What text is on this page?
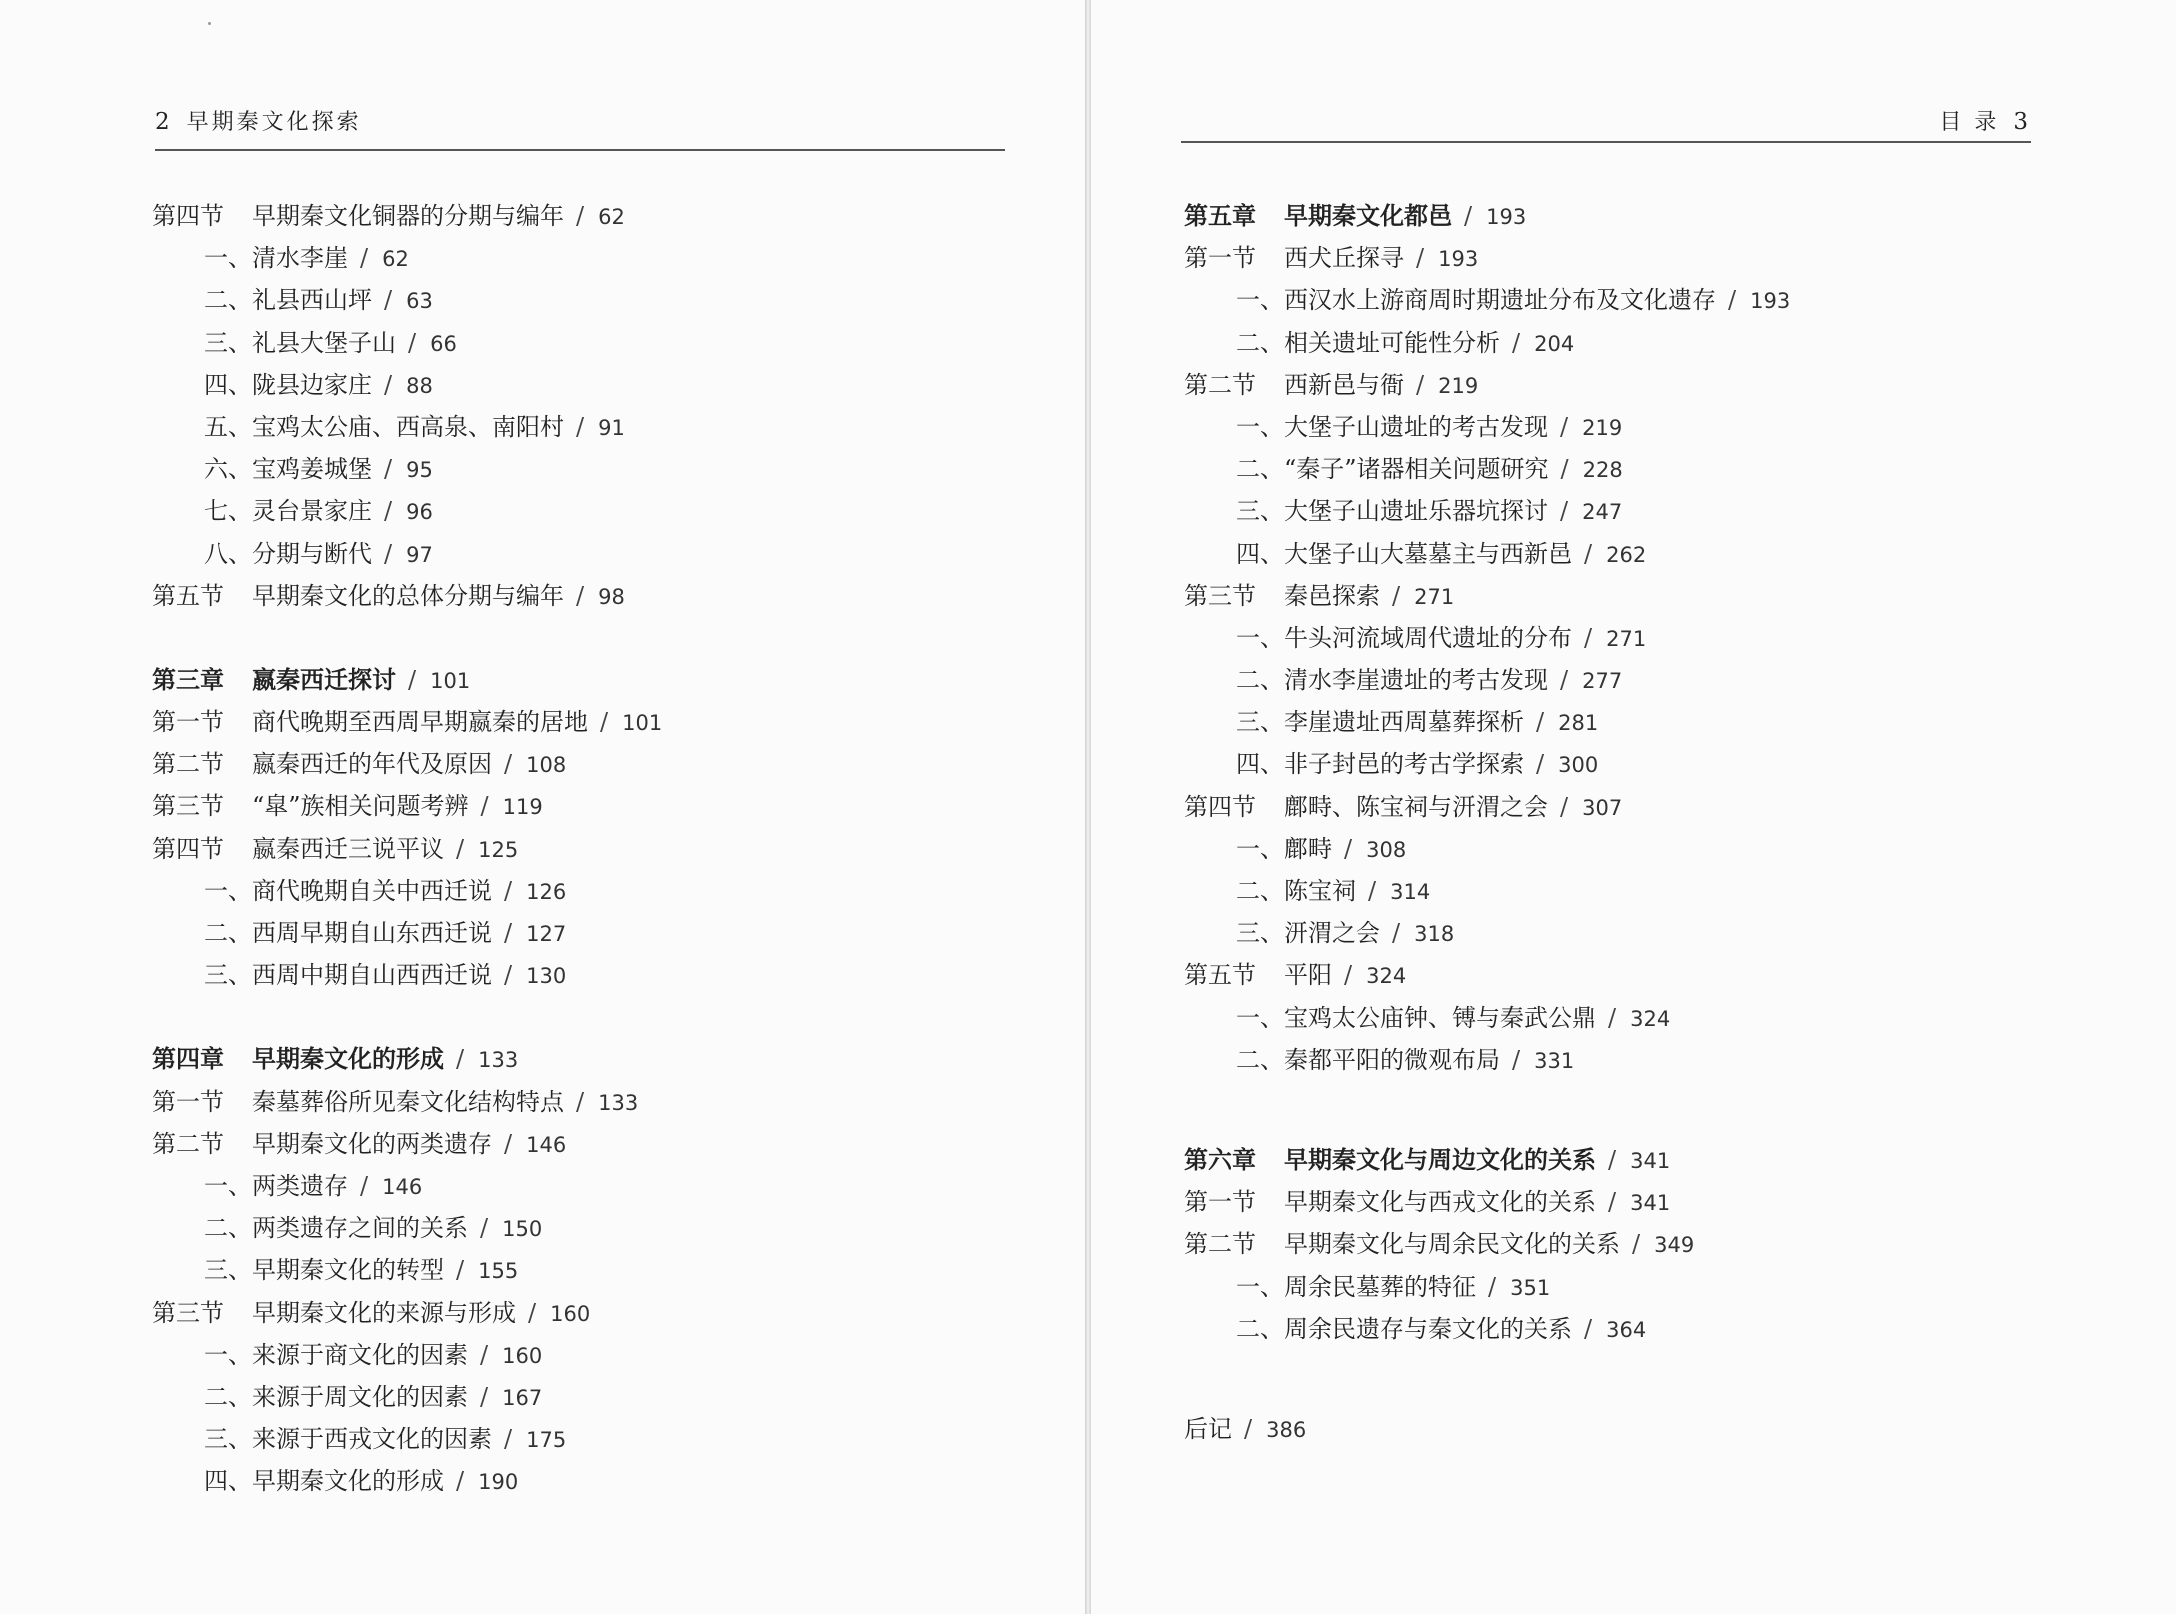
2 早期秦文化探索
第四节 早期秦文化铜器的分期与编年 / 62
一、清水李崖 / 62
二、礼县西山坪 / 63
三、礼县大堡子山 / 66
四、陇县边家庄 / 88
五、宝鸡太公庙、西高泉、南阳村 / 91
六、宝鸡姜城堡 / 95
七、灵台景家庄 / 96
八、分期与断代 / 97
第五节 早期秦文化的总体分期与编年 / 98
第三章 嬴秦西迁探讨 / 101
第一节 商代晚期至西周早期嬴秦的居地 / 101
第二节 嬴秦西迁的年代及原因 / 108
第三节 “皐”族相关问题考辨 / 119
第四节 嬴秦西迁三说平议 / 125
一、商代晚期自关中西迁说 / 126
二、西周早期自山东西迁说 / 127
三、西周中期自山西西迁说 / 130
第四章 早期秦文化的形成 / 133
第一节 秦墓葬俗所见秦文化结构特点 / 133
第二节 早期秦文化的两类遗存 / 146
一、两类遗存 / 146
二、两类遗存之间的关系 / 150
三、早期秦文化的转型 / 155
第三节 早期秦文化的来源与形成 / 160
一、来源于商文化的因素 / 160
二、来源于周文化的因素 / 167
三、来源于西戎文化的因素 / 175
四、早期秦文化的形成 / 190
目 录 3
第五章 早期秦文化都邑 / 193
第一节 西犬丘探寻 / 193
一、西汉水上游商周时期遗址分布及文化遗存 / 193
二、相关遗址可能性分析 / 204
第二节 西新邑与衙 / 219
一、大堡子山遗址的考古发现 / 219
二、“秦子”诸器相关问题研究 / 228
三、大堡子山遗址乐器坑探讨 / 247
四、大堡子山大墓墓主与西新邑 / 262
第三节 秦邑探索 / 271
一、牛头河流域周代遗址的分布 / 271
二、清水李崖遗址的考古发现 / 277
三、李崖遗址西周墓葬探析 / 281
四、非子封邑的考古学探索 / 300
第四节 鄜畤、陈宝祠与汧渭之会 / 307
一、鄜畤 / 308
二、陈宝祠 / 314
三、汧渭之会 / 318
第五节 平阳 / 324
一、宝鸡太公庙钟、镈与秦武公鼎 / 324
二、秦都平阳的微观布局 / 331
第六章 早期秦文化与周边文化的关系 / 341
第一节 早期秦文化与西戎文化的关系 / 341
第二节 早期秦文化与周余民文化的关系 / 349
一、周余民墓葬的特征 / 351
二、周余民遗存与秦文化的关系 / 364
后记 / 386
